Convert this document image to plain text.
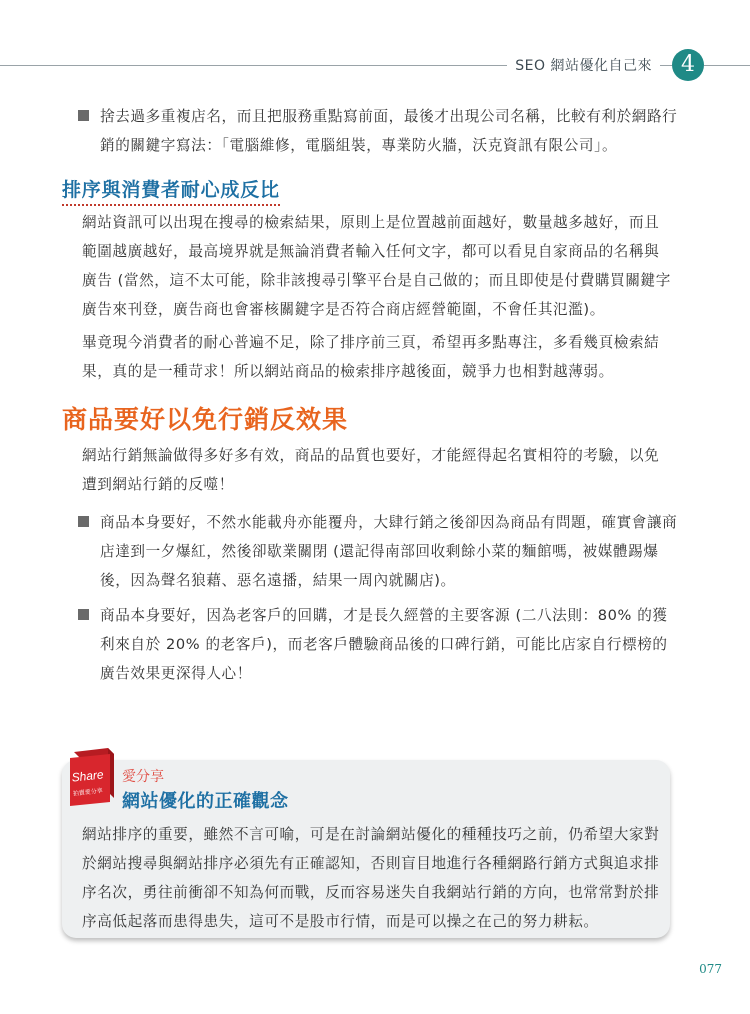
SEO 網站優化自己來	4
捨去過多重複店名，而且把服務重點寫前面，最後才出現公司名稱，比較有利於網路行銷的關鍵字寫法：「電腦維修，電腦組裝，專業防火牆，沃克資訊有限公司」。
排序與消費者耐心成反比
網站資訊可以出現在搜尋的檢索結果，原則上是位置越前面越好，數量越多越好，而且範圍越廣越好，最高境界就是無論消費者輸入任何文字，都可以看見自家商品的名稱與廣告 (當然，這不太可能，除非該搜尋引擎平台是自己做的；而且即使是付費購買關鍵字廣告來刊登，廣告商也會審核關鍵字是否符合商店經營範圍，不會任其氾濫)。
畢竟現今消費者的耐心普遍不足，除了排序前三頁，希望再多點專注，多看幾頁檢索結果，真的是一種苛求！所以網站商品的檢索排序越後面，競爭力也相對越薄弱。
商品要好以免行銷反效果
網站行銷無論做得多好多有效，商品的品質也要好，才能經得起名實相符的考驗，以免遭到網站行銷的反噬！
商品本身要好，不然水能載舟亦能覆舟，大肆行銷之後卻因為商品有問題，確實會讓商店達到一夕爆紅，然後卻歇業關閉 (還記得南部回收剩餘小菜的麵館嗎，被媒體踢爆後，因為聲名狼藉、惡名遠播，結果一周內就關店)。
商品本身要好，因為老客戶的回購，才是長久經營的主要客源 (二八法則：80% 的獲利來自於 20% 的老客戶)，而老客戶體驗商品後的口碑行銷，可能比店家自行標榜的廣告效果更深得人心！
Share
拍賣愛分享
愛分享
網站優化的正確觀念
網站排序的重要，雖然不言可喻，可是在討論網站優化的種種技巧之前，仍希望大家對於網站搜尋與網站排序必須先有正確認知，否則盲目地進行各種網路行銷方式與追求排序名次，勇往前衝卻不知為何而戰，反而容易迷失自我網站行銷的方向，也常常對於排序高低起落而患得患失，這可不是股市行情，而是可以操之在己的努力耕耘。
077
